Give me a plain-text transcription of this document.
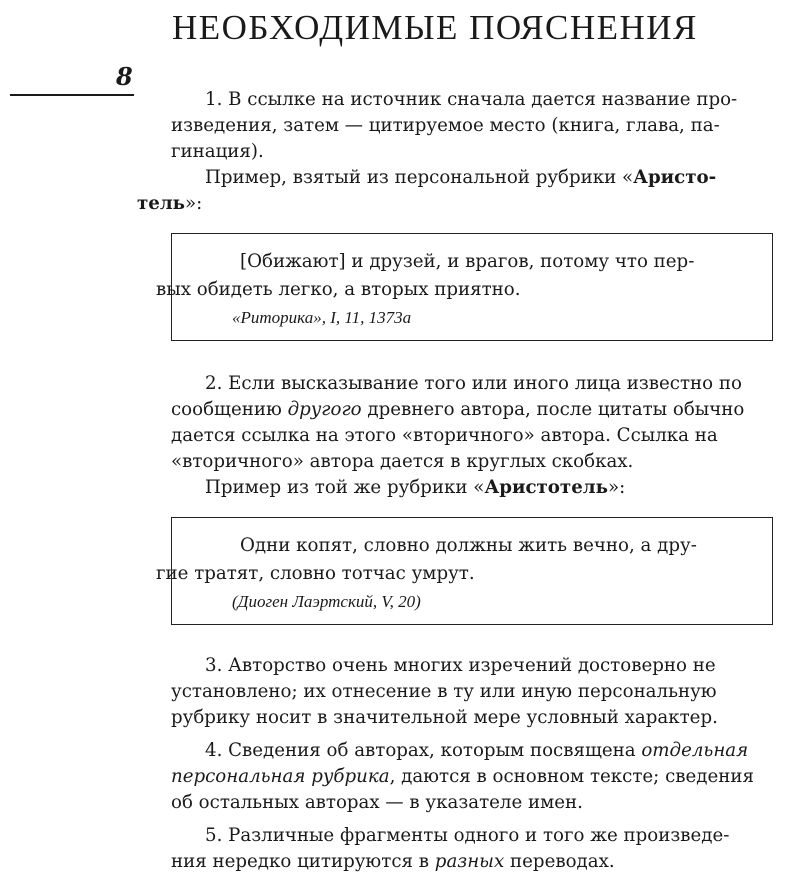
НЕОБХОДИМЫЕ ПОЯСНЕНИЯ
8

1. В ссылке на источник сначала дается название про-
изведения, затем — цитируемое место (книга, глава, па-
гинация).

Пример, взятый из персональной рубрики «Аристо-
тель»:

[Обижают] и друзей, и врагов, потому что пер-
вых обидеть легко, а вторых приятно.

«Риторика», I, 11, 1373a

2. Если высказывание того или иного лица известно по
сообщению другого древнего автора, после цитаты обычно
дается ссылка на этого «вторичного» автора. Ссылка на
«вторичного» автора дается в круглых скобках.

Пример из той же рубрики «Аристотель»:

Одни копят, словно должны жить вечно, а дру-
гие тратят, словно тотчас умрут.

(Диоген Лаэртский, V, 20)

3. Авторство очень многих изречений достоверно не
установлено; их отнесение в ту или иную персональную
рубрику носит в значительной мере условный характер.

4. Сведения об авторах, которым посвящена отдельная
персональная рубрика, даются в основном тексте; сведения
об остальных авторах — в указателе имен.

5. Различные фрагменты одного и того же произведе-
ния нередко цитируются в разных переводах.
